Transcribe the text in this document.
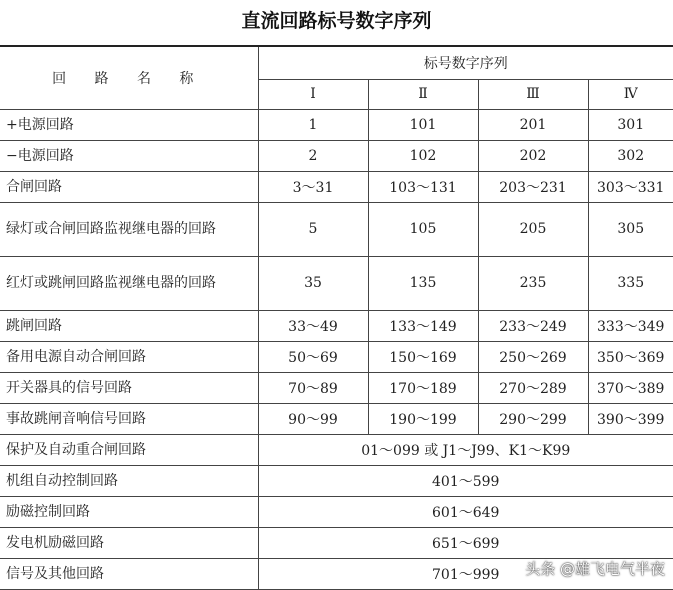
直流回路标号数字序列
回 路 名 称	标号数字序列			
	Ⅰ	Ⅱ	Ⅲ	Ⅳ
+电源回路	1	101	201	301
−电源回路	2	102	202	302
合闸回路	3～31	103～131	203～231	303～331
绿灯或合闸回路监视继电器的回路	5	105	205	305
红灯或跳闸回路监视继电器的回路	35	135	235	335
跳闸回路	33～49	133～149	233～249	333～349
备用电源自动合闸回路	50～69	150～169	250～269	350～369
开关器具的信号回路	70～89	170～189	270～289	370～389
事故跳闸音响信号回路	90～99	190～199	290～299	390～399
保护及自动重合闸回路	01～099 或 J1～J99、K1～K99			
机组自动控制回路	401～599			
励磁控制回路	601～649			
发电机励磁回路	651～699			
信号及其他回路	701～999			头条 @雄飞电气半夜
